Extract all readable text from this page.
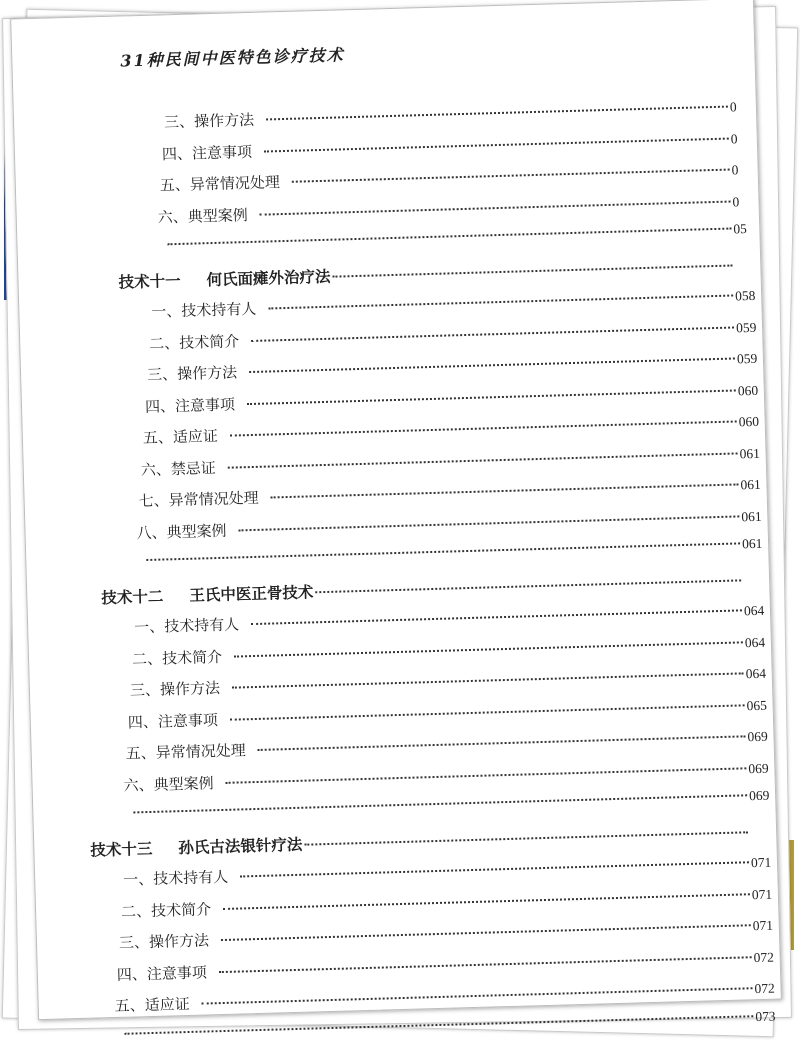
31种民间中医特色诊疗技术
三、操作方法
0
四、注意事项
0
五、异常情况处理
0
六、典型案例
0
05
技术十一 何氏面瘫外治疗法
一、技术持有人
058
二、技术简介
059
三、操作方法
059
四、注意事项
060
五、适应证
060
六、禁忌证
061
七、异常情况处理
061
八、典型案例
061
061
技术十二 王氏中医正骨技术
一、技术持有人
064
二、技术简介
064
三、操作方法
064
四、注意事项
065
五、异常情况处理
069
六、典型案例
069
069
技术十三 孙氏古法银针疗法
一、技术持有人
071
二、技术简介
071
三、操作方法
071
四、注意事项
072
五、适应证
072
073
